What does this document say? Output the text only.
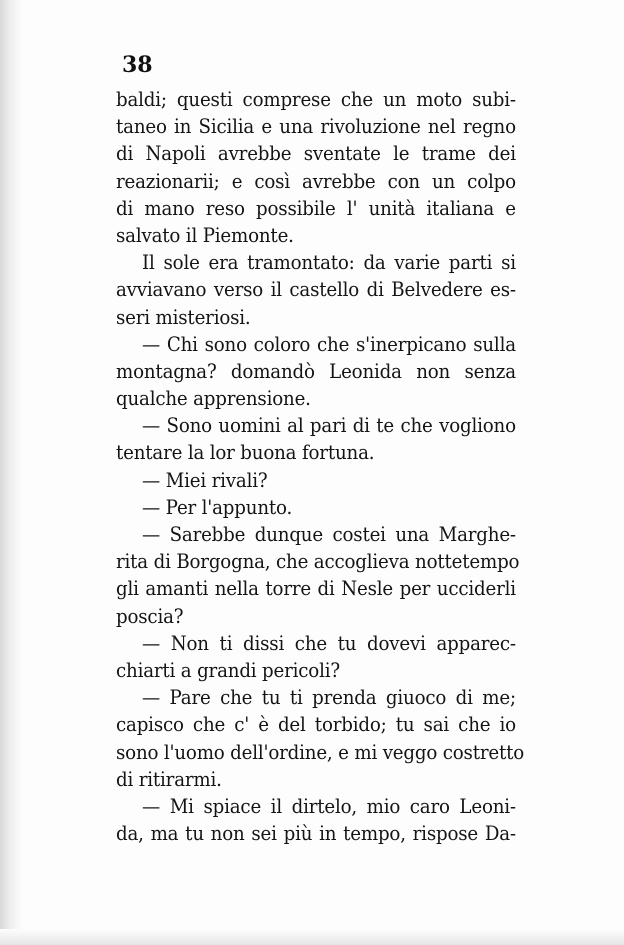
38
baldi; questi comprese che un moto subi-
taneo in Sicilia e una rivoluzione nel regno
di Napoli avrebbe sventate le trame dei
reazionarii; e così avrebbe con un colpo
di mano reso possibile l' unità italiana e
salvato il Piemonte.
Il sole era tramontato: da varie parti si
avviavano verso il castello di Belvedere es-
seri misteriosi.
— Chi sono coloro che s'inerpicano sulla
montagna? domandò Leonida non senza
qualche apprensione.
— Sono uomini al pari di te che vogliono
tentare la lor buona fortuna.
— Miei rivali?
— Per l'appunto.
— Sarebbe dunque costei una Marghe-
rita di Borgogna, che accoglieva nottetempo
gli amanti nella torre di Nesle per ucciderli
poscia?
— Non ti dissi che tu dovevi apparec-
chiarti a grandi pericoli?
— Pare che tu ti prenda giuoco di me;
capisco che c' è del torbido; tu sai che io
sono l'uomo dell'ordine, e mi veggo costretto
di ritirarmi.
— Mi spiace il dirtelo, mio caro Leoni-
da, ma tu non sei più in tempo, rispose Da-
